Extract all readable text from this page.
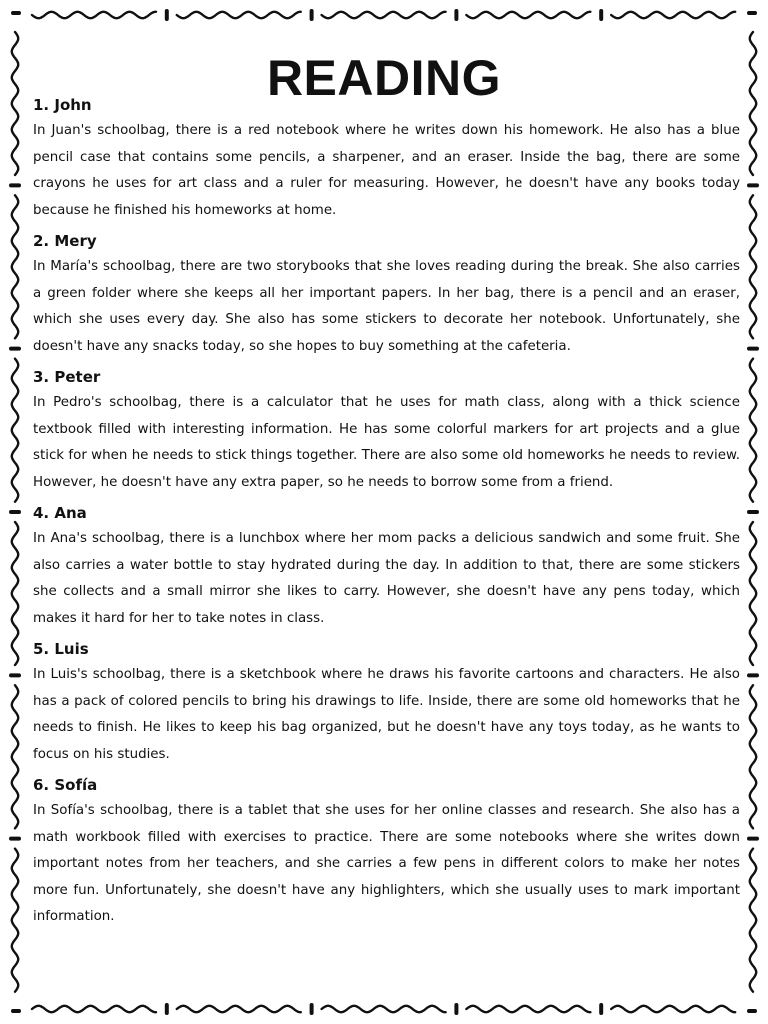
READING
1. John

In Juan's schoolbag, there is a red notebook where he writes down his homework. He also has a blue pencil case that contains some pencils, a sharpener, and an eraser. Inside the bag, there are some crayons he uses for art class and a ruler for measuring. However, he doesn't have any books today because he finished his homeworks at home.

2. Mery

In María's schoolbag, there are two storybooks that she loves reading during the break. She also carries a green folder where she keeps all her important papers. In her bag, there is a pencil and an eraser, which she uses every day. She also has some stickers to decorate her notebook. Unfortunately, she doesn't have any snacks today, so she hopes to buy something at the cafeteria.

3. Peter

In Pedro's schoolbag, there is a calculator that he uses for math class, along with a thick science textbook filled with interesting information. He has some colorful markers for art projects and a glue stick for when he needs to stick things together. There are also some old homeworks he needs to review. However, he doesn't have any extra paper, so he needs to borrow some from a friend.

4. Ana

In Ana's schoolbag, there is a lunchbox where her mom packs a delicious sandwich and some fruit. She also carries a water bottle to stay hydrated during the day. In addition to that, there are some stickers she collects and a small mirror she likes to carry. However, she doesn't have any pens today, which makes it hard for her to take notes in class.

5. Luis

In Luis's schoolbag, there is a sketchbook where he draws his favorite cartoons and characters. He also has a pack of colored pencils to bring his drawings to life. Inside, there are some old homeworks that he needs to finish. He likes to keep his bag organized, but he doesn't have any toys today, as he wants to focus on his studies.

6. Sofía

In Sofía's schoolbag, there is a tablet that she uses for her online classes and research. She also has a math workbook filled with exercises to practice. There are some notebooks where she writes down important notes from her teachers, and she carries a few pens in different colors to make her notes more fun. Unfortunately, she doesn't have any highlighters, which she usually uses to mark important information.
